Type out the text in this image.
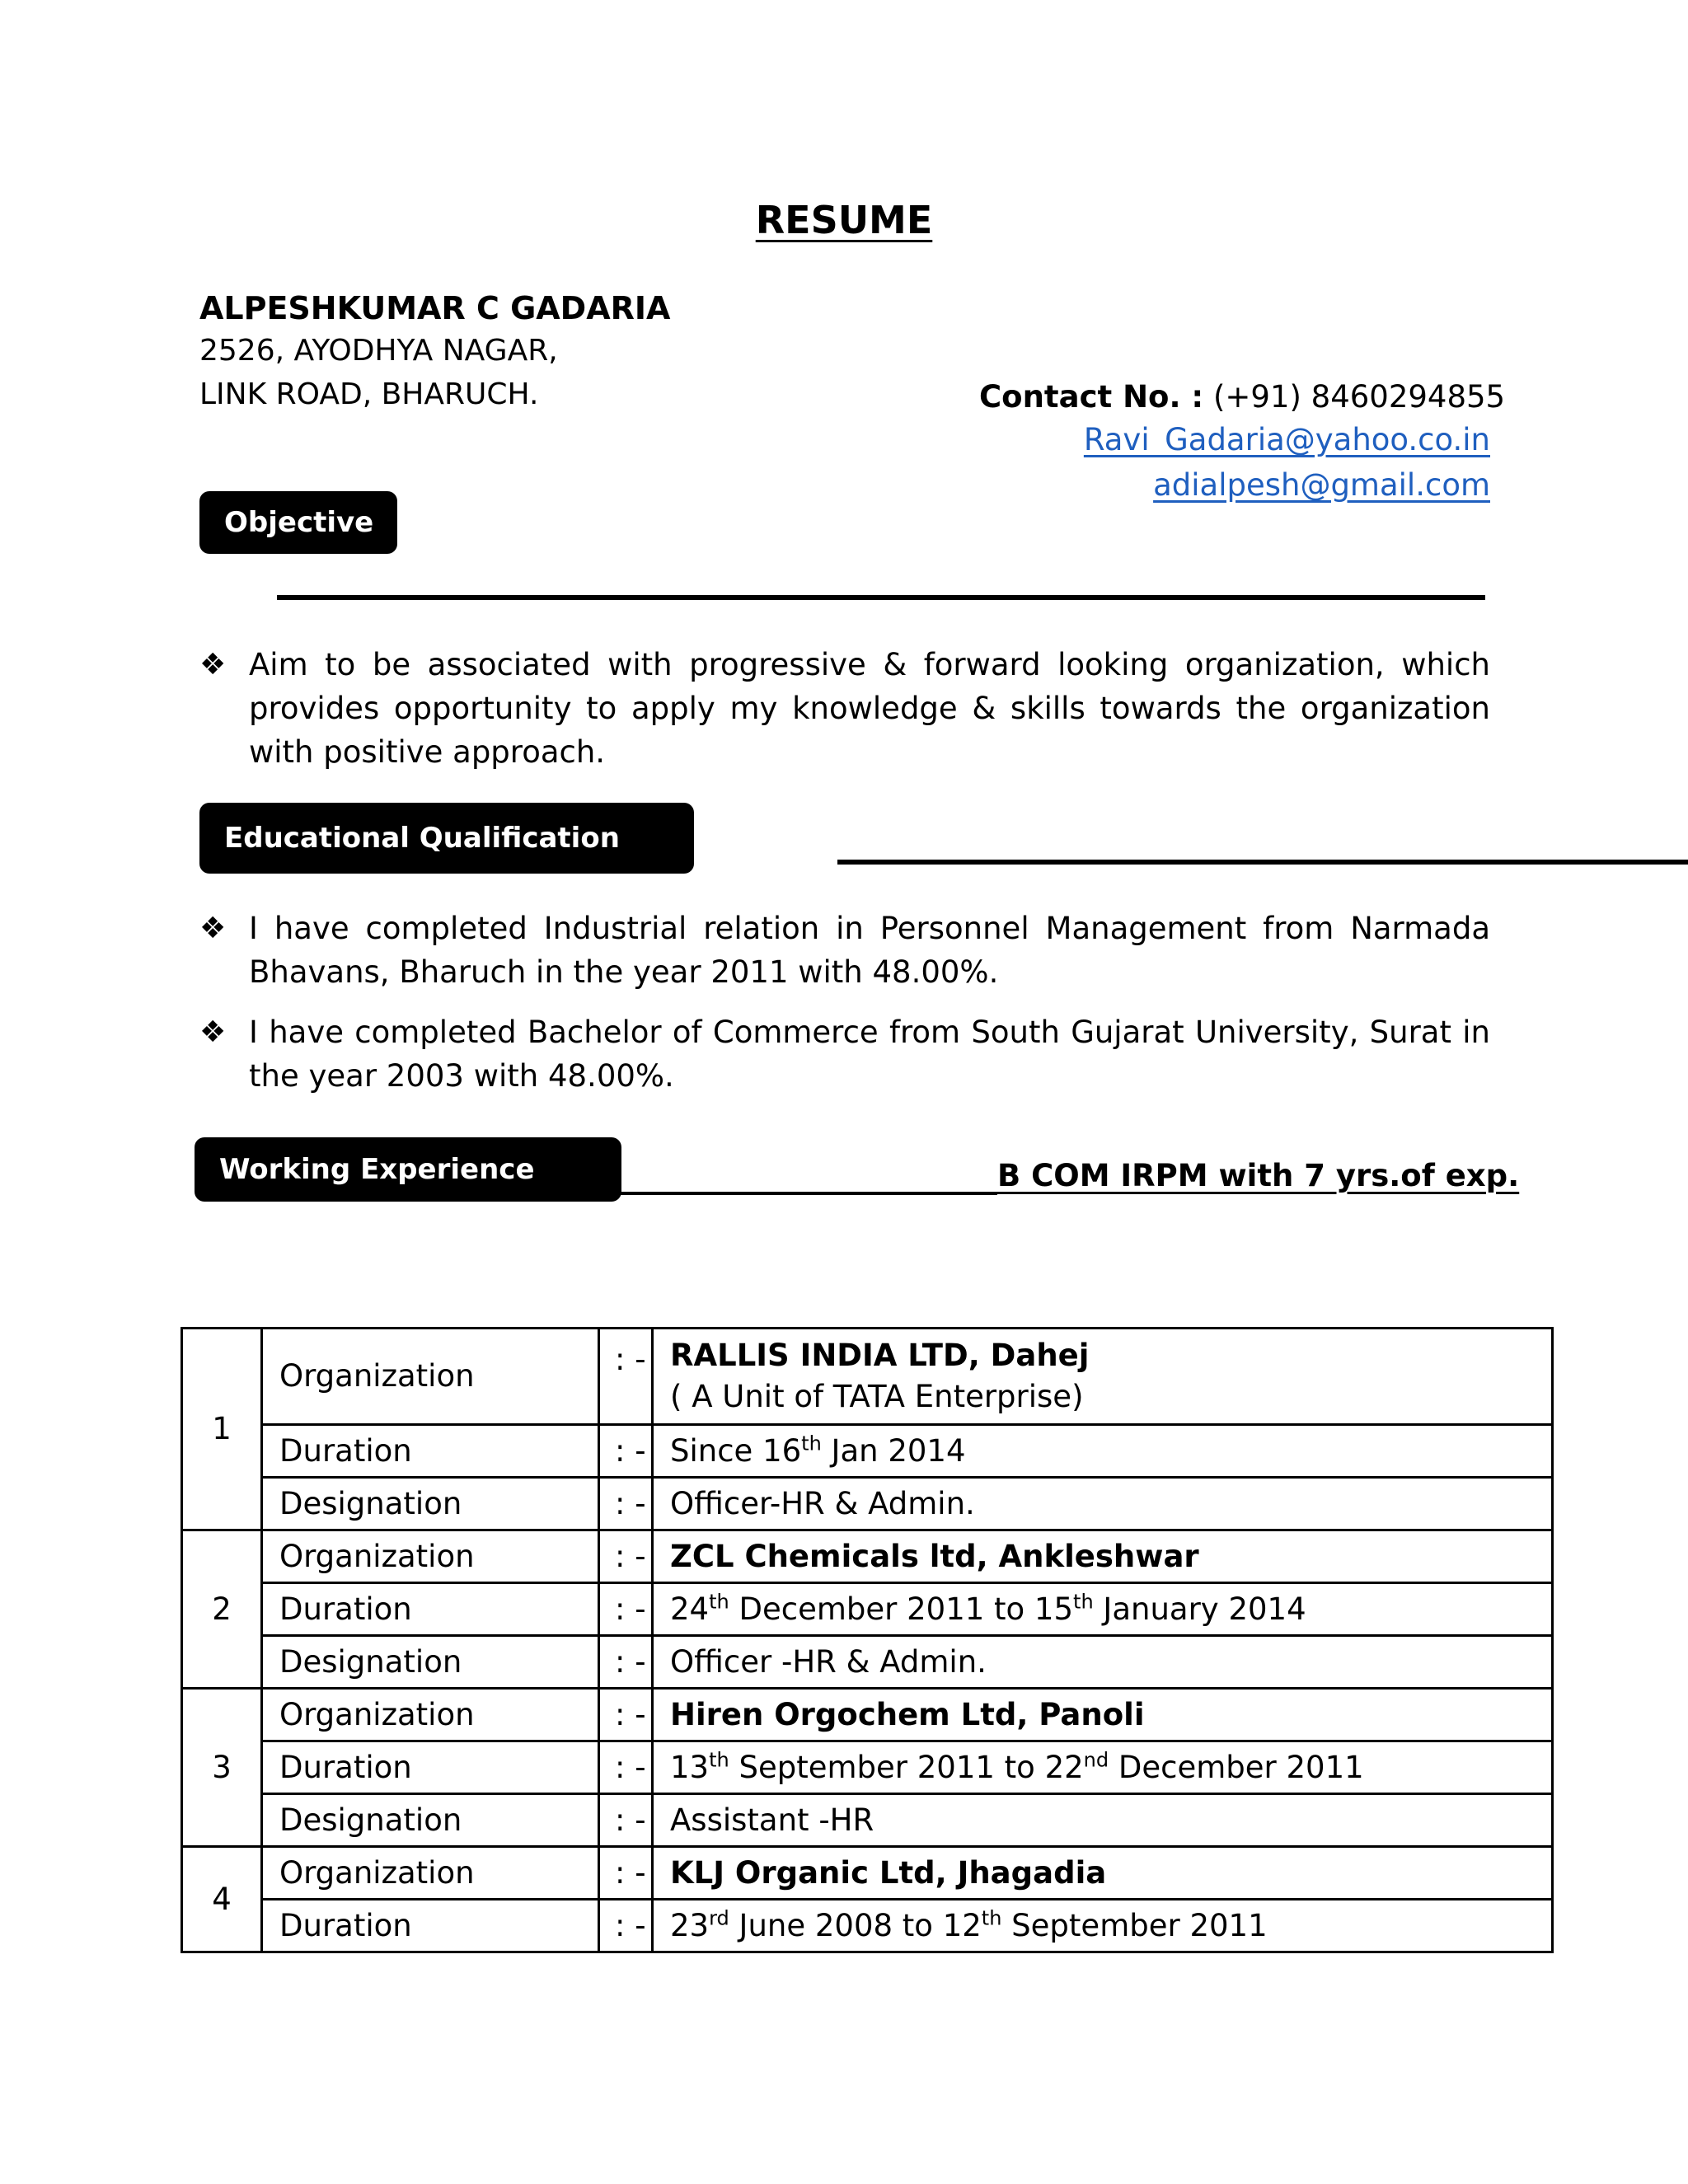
RESUME
ALPESHKUMAR C GADARIA
2526, AYODHYA NAGAR,
LINK ROAD, BHARUCH.	Contact No. : (+91) 8460294855
Ravi_Gadaria@yahoo.co.in
adialpesh@gmail.com
Objective
❖ Aim to be associated with progressive & forward looking organization, which provides opportunity to apply my knowledge & skills towards the organization with positive approach.
Educational Qualification
❖ I have completed Industrial relation in Personnel Management from Narmada Bhavans, Bharuch in the year 2011 with 48.00%.
❖ I have completed Bachelor of Commerce from South Gujarat University, Surat in the year 2003 with 48.00%.
Working Experience	B COM IRPM with 7 yrs.of exp.
1	Organization	: -	RALLIS INDIA LTD, Dahej
( A Unit of TATA Enterprise)
	Duration	: -	Since 16th Jan 2014
	Designation	: -	Officer-HR & Admin.
2	Organization	: -	ZCL Chemicals ltd, Ankleshwar
	Duration	: -	24th December 2011 to 15th January 2014
	Designation	: -	Officer -HR & Admin.
3	Organization	: -	Hiren Orgochem Ltd, Panoli
	Duration	: -	13th September 2011 to 22nd December 2011
	Designation	: -	Assistant -HR
4	Organization	: -	KLJ Organic Ltd, Jhagadia
	Duration	: -	23rd June 2008 to 12th September 2011
